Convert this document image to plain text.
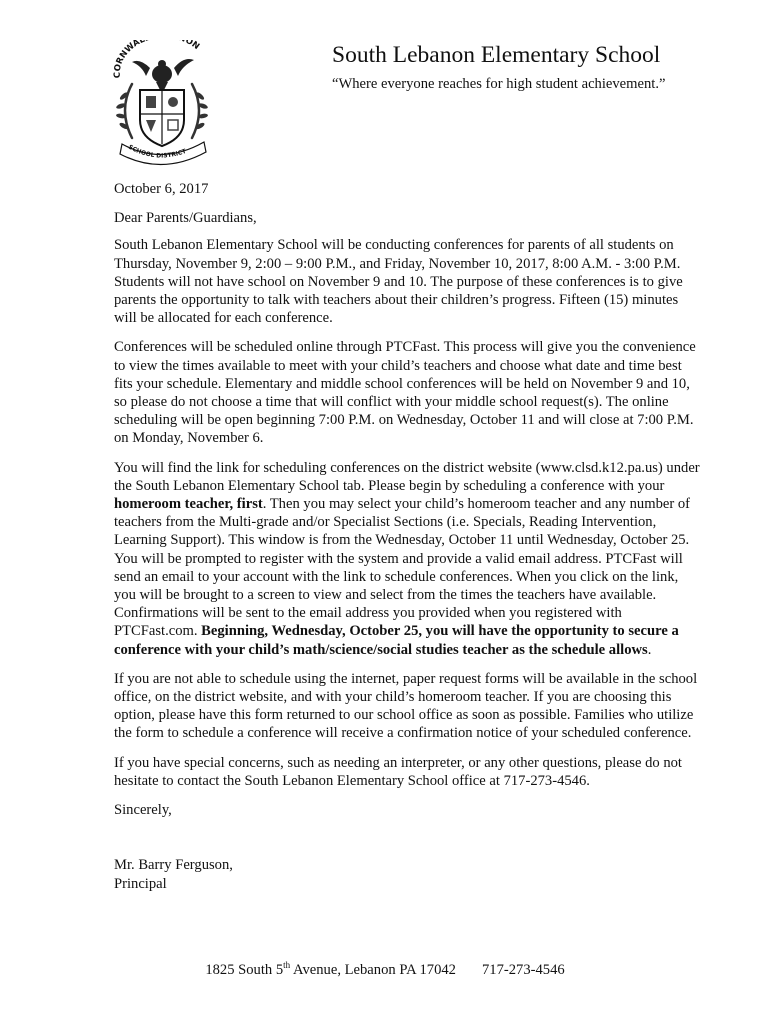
CORNWAL ON
SCHOOL DISTRICT
South Lebanon Elementary School
“Where everyone reaches for high student achievement.”

October 6, 2017

Dear Parents/Guardians,

South Lebanon Elementary School will be conducting conferences for parents of all students on Thursday, November 9, 2:00 – 9:00 P.M., and Friday, November 10, 2017, 8:00 A.M. - 3:00 P.M. Students will not have school on November 9 and 10. The purpose of these conferences is to give parents the opportunity to talk with teachers about their children’s progress. Fifteen (15) minutes will be allocated for each conference.

Conferences will be scheduled online through PTCFast. This process will give you the convenience to view the times available to meet with your child’s teachers and choose what date and time best fits your schedule. Elementary and middle school conferences will be held on November 9 and 10, so please do not choose a time that will conflict with your middle school request(s). The online scheduling will be open beginning 7:00 P.M. on Wednesday, October 11 and will close at 7:00 P.M. on Monday, November 6.

You will find the link for scheduling conferences on the district website (www.clsd.k12.pa.us) under the South Lebanon Elementary School tab. Please begin by scheduling a conference with your homeroom teacher, first. Then you may select your child’s homeroom teacher and any number of teachers from the Multi-grade and/or Specialist Sections (i.e. Specials, Reading Intervention, Learning Support). This window is from the Wednesday, October 11 until Wednesday, October 25. You will be prompted to register with the system and provide a valid email address. PTCFast will send an email to your account with the link to schedule conferences. When you click on the link, you will be brought to a screen to view and select from the times the teachers have available. Confirmations will be sent to the email address you provided when you registered with PTCFast.com. Beginning, Wednesday, October 25, you will have the opportunity to secure a conference with your child’s math/science/social studies teacher as the schedule allows.

If you are not able to schedule using the internet, paper request forms will be available in the school office, on the district website, and with your child’s homeroom teacher. If you are choosing this option, please have this form returned to our school office as soon as possible. Families who utilize the form to schedule a conference will receive a confirmation notice of your scheduled conference.

If you have special concerns, such as needing an interpreter, or any other questions, please do not hesitate to contact the South Lebanon Elementary School office at 717-273-4546.

Sincerely,

Mr. Barry Ferguson,

Principal

1825 South 5th Avenue, Lebanon PA 17042 717-273-4546
